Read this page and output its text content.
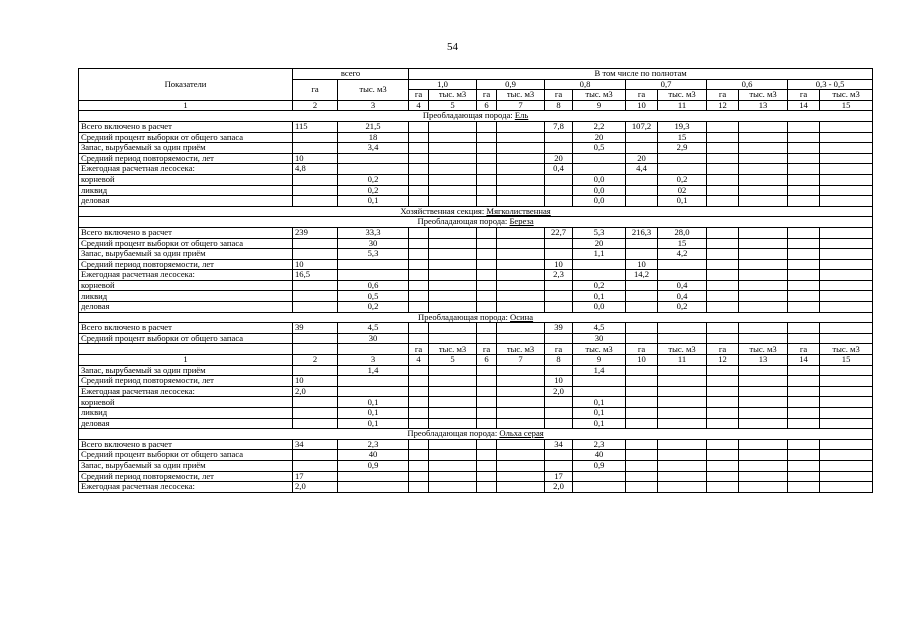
54
Показатели	всего		В том числе по полнотам											
	га	тыс. м3	1,0		0,9		0,8		0,7		0,6		0,3 - 0,5	
			га	тыс. м3	га	тыс. м3	га	тыс. м3	га	тыс. м3	га	тыс. м3	га	тыс. м3
1	2	3	4	5	6	7	8	9	10	11	12	13	14	15
Преобладающая порода: Ель														
Всего включено в расчет	115	21,5					7,8	2,2	107,2	19,3				
Средний процент выборки от общего запаса		18						20		15				
Запас, вырубаемый за один приём		3,4						0,5		2,9				
Средний период повторяемости, лет	10						20		20					
Ежегодная расчетная лесосека:	4,8						0,4		4,4					
корневой		0,2						0,0		0,2				
ликвид		0,2						0,0		02				
деловая		0,1						0,0		0,1				
Хозяйственная секция: Мягколиственная														
Преобладающая порода: Береза														
Всего включено в расчет	239	33,3					22,7	5,3	216,3	28,0				
Средний процент выборки от общего запаса		30						20		15				
Запас, вырубаемый за один приём		5,3						1,1		4,2				
Средний период повторяемости, лет	10						10		10					
Ежегодная расчетная лесосека:	16,5						2,3		14,2					
корневой		0,6						0,2		0,4				
ликвид		0,5						0,1		0,4				
деловая		0,2						0,0		0,2				
Преобладающая порода: Осина														
Всего включено в расчет	39	4,5					39	4,5						
Средний процент выборки от общего запаса		30						30						
			га	тыс. м3	га	тыс. м3	га	тыс. м3	га	тыс. м3	га	тыс. м3	га	тыс. м3
1	2	3	4	5	6	7	8	9	10	11	12	13	14	15
Запас, вырубаемый за один приём		1,4						1,4						
Средний период повторяемости, лет	10						10							
Ежегодная расчетная лесосека:	2,0						2,0							
корневой		0,1						0,1						
ликвид		0,1						0,1						
деловая		0,1						0,1						
Преобладающая порода: Ольха серая														
Всего включено в расчет	34	2,3					34	2,3						
Средний процент выборки от общего запаса		40						40						
Запас, вырубаемый за один приём		0,9						0,9						
Средний период повторяемости, лет	17						17							
Ежегодная расчетная лесосека:	2,0						2,0							
